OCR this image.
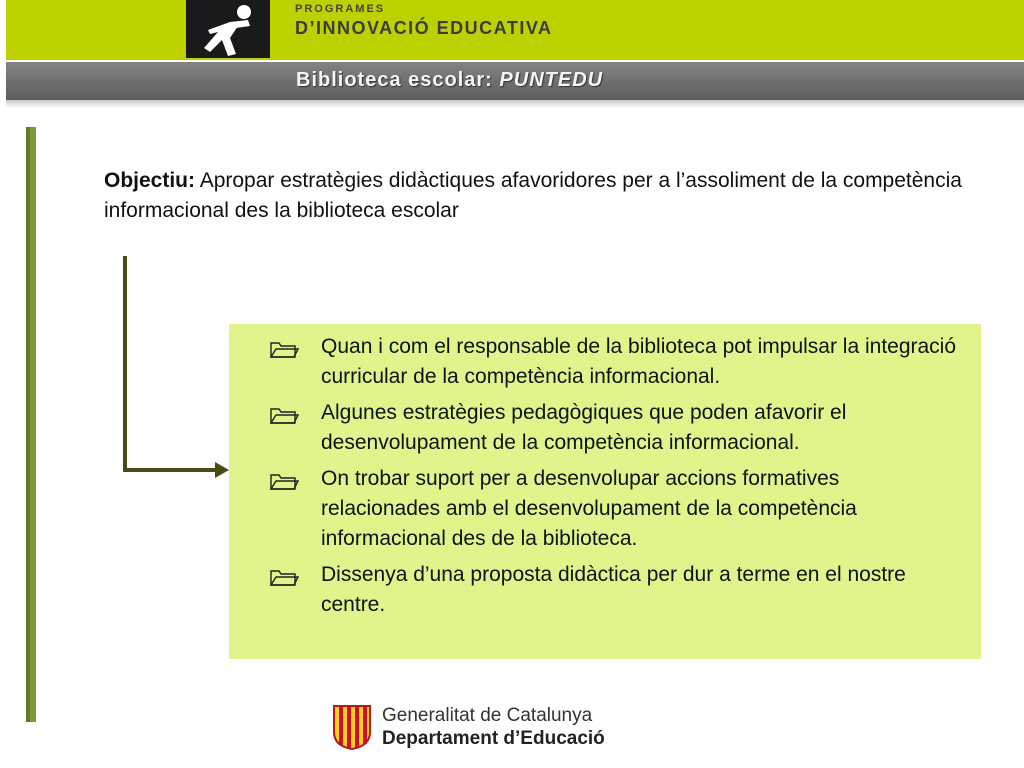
PROGRAMES
D’INNOVACIÓ EDUCATIVA
Biblioteca escolar: PUNTEDU
Objectiu: Apropar estratègies didàctiques afavoridores per a l’assoliment de la competència informacional des la biblioteca escolar
Quan i com el responsable de la biblioteca pot impulsar la integració curricular de la competència informacional.
Algunes estratègies pedagògiques que poden afavorir el desenvolupament de la competència informacional.
On trobar suport per a desenvolupar accions formatives relacionades amb el desenvolupament de la competència informacional des de la biblioteca.
Dissenya d’una proposta didàctica per dur a terme en el nostre centre.
Generalitat de Catalunya
Departament d’Educació
